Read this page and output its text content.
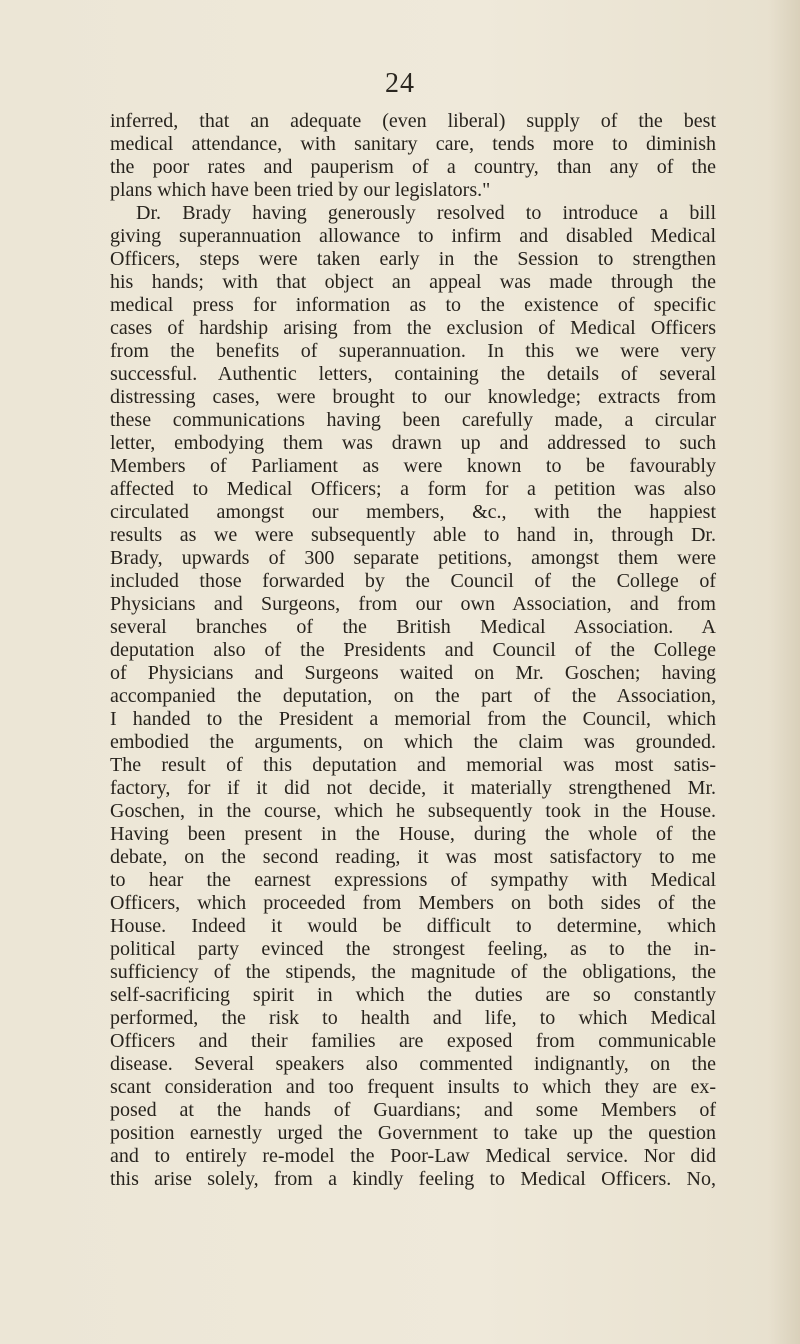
24

inferred, that an adequate (even liberal) supply of the best
medical attendance, with sanitary care, tends more to diminish
the poor rates and pauperism of a country, than any of the
plans which have been tried by our legislators."

Dr. Brady having generously resolved to introduce a bill
giving superannuation allowance to infirm and disabled Medical
Officers, steps were taken early in the Session to strengthen
his hands; with that object an appeal was made through the
medical press for information as to the existence of specific
cases of hardship arising from the exclusion of Medical Officers
from the benefits of superannuation. In this we were very
successful. Authentic letters, containing the details of several
distressing cases, were brought to our knowledge; extracts from
these communications having been carefully made, a circular
letter, embodying them was drawn up and addressed to such
Members of Parliament as were known to be favourably
affected to Medical Officers; a form for a petition was also
circulated amongst our members, &c., with the happiest
results as we were subsequently able to hand in, through Dr.
Brady, upwards of 300 separate petitions, amongst them were
included those forwarded by the Council of the College of
Physicians and Surgeons, from our own Association, and from
several branches of the British Medical Association. A
deputation also of the Presidents and Council of the College
of Physicians and Surgeons waited on Mr. Goschen; having
accompanied the deputation, on the part of the Association,
I handed to the President a memorial from the Council, which
embodied the arguments, on which the claim was grounded.
The result of this deputation and memorial was most satis-
factory, for if it did not decide, it materially strengthened Mr.
Goschen, in the course, which he subsequently took in the House.
Having been present in the House, during the whole of the
debate, on the second reading, it was most satisfactory to me
to hear the earnest expressions of sympathy with Medical
Officers, which proceeded from Members on both sides of the
House. Indeed it would be difficult to determine, which
political party evinced the strongest feeling, as to the in-
sufficiency of the stipends, the magnitude of the obligations, the
self-sacrificing spirit in which the duties are so constantly
performed, the risk to health and life, to which Medical
Officers and their families are exposed from communicable
disease. Several speakers also commented indignantly, on the
scant consideration and too frequent insults to which they are ex-
posed at the hands of Guardians; and some Members of
position earnestly urged the Government to take up the question
and to entirely re-model the Poor-Law Medical service. Nor did
this arise solely, from a kindly feeling to Medical Officers. No,
